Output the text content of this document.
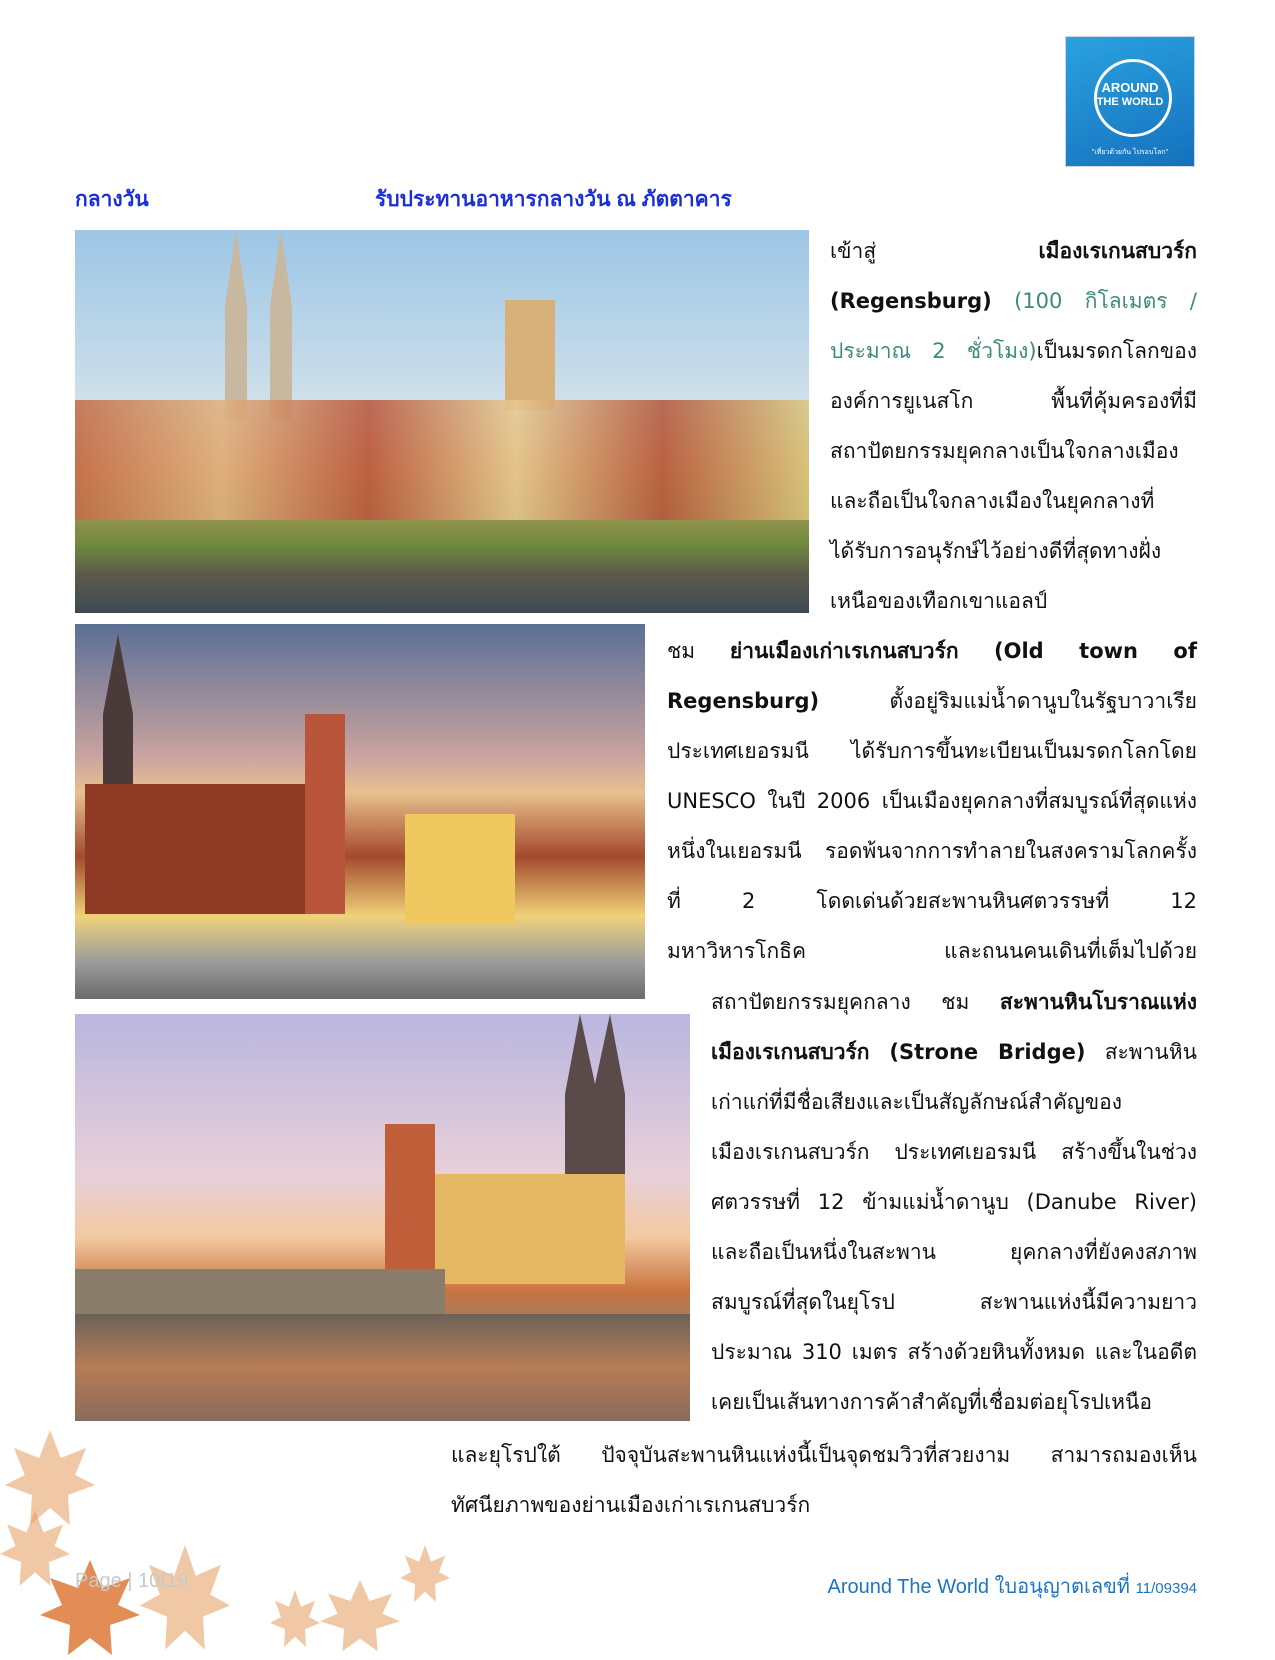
AROUND
THE WORLD
"เที่ยวด้วยกัน ไปรอบโลก"
กลางวัน	รับประทานอาหารกลางวัน ณ ภัตตาคาร
เข้าสู่ เมืองเรเกนสบวร์ก
(Regensburg) (100 กิโลเมตร /
ประมาณ 2 ชั่วโมง)เป็นมรดกโลกของ
องค์การยูเนสโก พื้นที่คุ้มครองที่มี
สถาปัตยกรรมยุคกลางเป็นใจกลางเมือง
และถือเป็นใจกลางเมืองในยุคกลางที่
ได้รับการอนุรักษ์ไว้อย่างดีที่สุดทางฝั่ง
เหนือของเทือกเขาแอลป์
ชม ย่านเมืองเก่าเรเกนสบวร์ก (Old town of
Regensburg) ตั้งอยู่ริมแม่น้ำดานูบในรัฐบาวาเรีย
ประเทศเยอรมนี ได้รับการขึ้นทะเบียนเป็นมรดกโลกโดย
UNESCO ในปี 2006 เป็นเมืองยุคกลางที่สมบูรณ์ที่สุดแห่ง
หนึ่งในเยอรมนี รอดพ้นจากการทำลายในสงครามโลกครั้ง
ที่ 2 โดดเด่นด้วยสะพานหินศตวรรษที่ 12
มหาวิหารโกธิค และถนนคนเดินที่เต็มไปด้วย
สถาปัตยกรรมยุคกลาง ชม สะพานหินโบราณแห่ง
เมืองเรเกนสบวร์ก (Strone Bridge) สะพานหิน
เก่าแก่ที่มีชื่อเสียงและเป็นสัญลักษณ์สำคัญของ
เมืองเรเกนสบวร์ก ประเทศเยอรมนี สร้างขึ้นในช่วง
ศตวรรษที่ 12 ข้ามแม่น้ำดานูบ (Danube River)
และถือเป็นหนึ่งในสะพาน ยุคกลางที่ยังคงสภาพ
สมบูรณ์ที่สุดในยุโรป สะพานแห่งนี้มีความยาว
ประมาณ 310 เมตร สร้างด้วยหินทั้งหมด และในอดีต
เคยเป็นเส้นทางการค้าสำคัญที่เชื่อมต่อยุโรปเหนือ
และยุโรปใต้ ปัจจุบันสะพานหินแห่งนี้เป็นจุดชมวิวที่สวยงาม สามารถมองเห็น
ทัศนียภาพของย่านเมืองเก่าเรเกนสบวร์ก
Page | 10/19	Around The World ใบอนุญาตเลขที่ 11/09394
